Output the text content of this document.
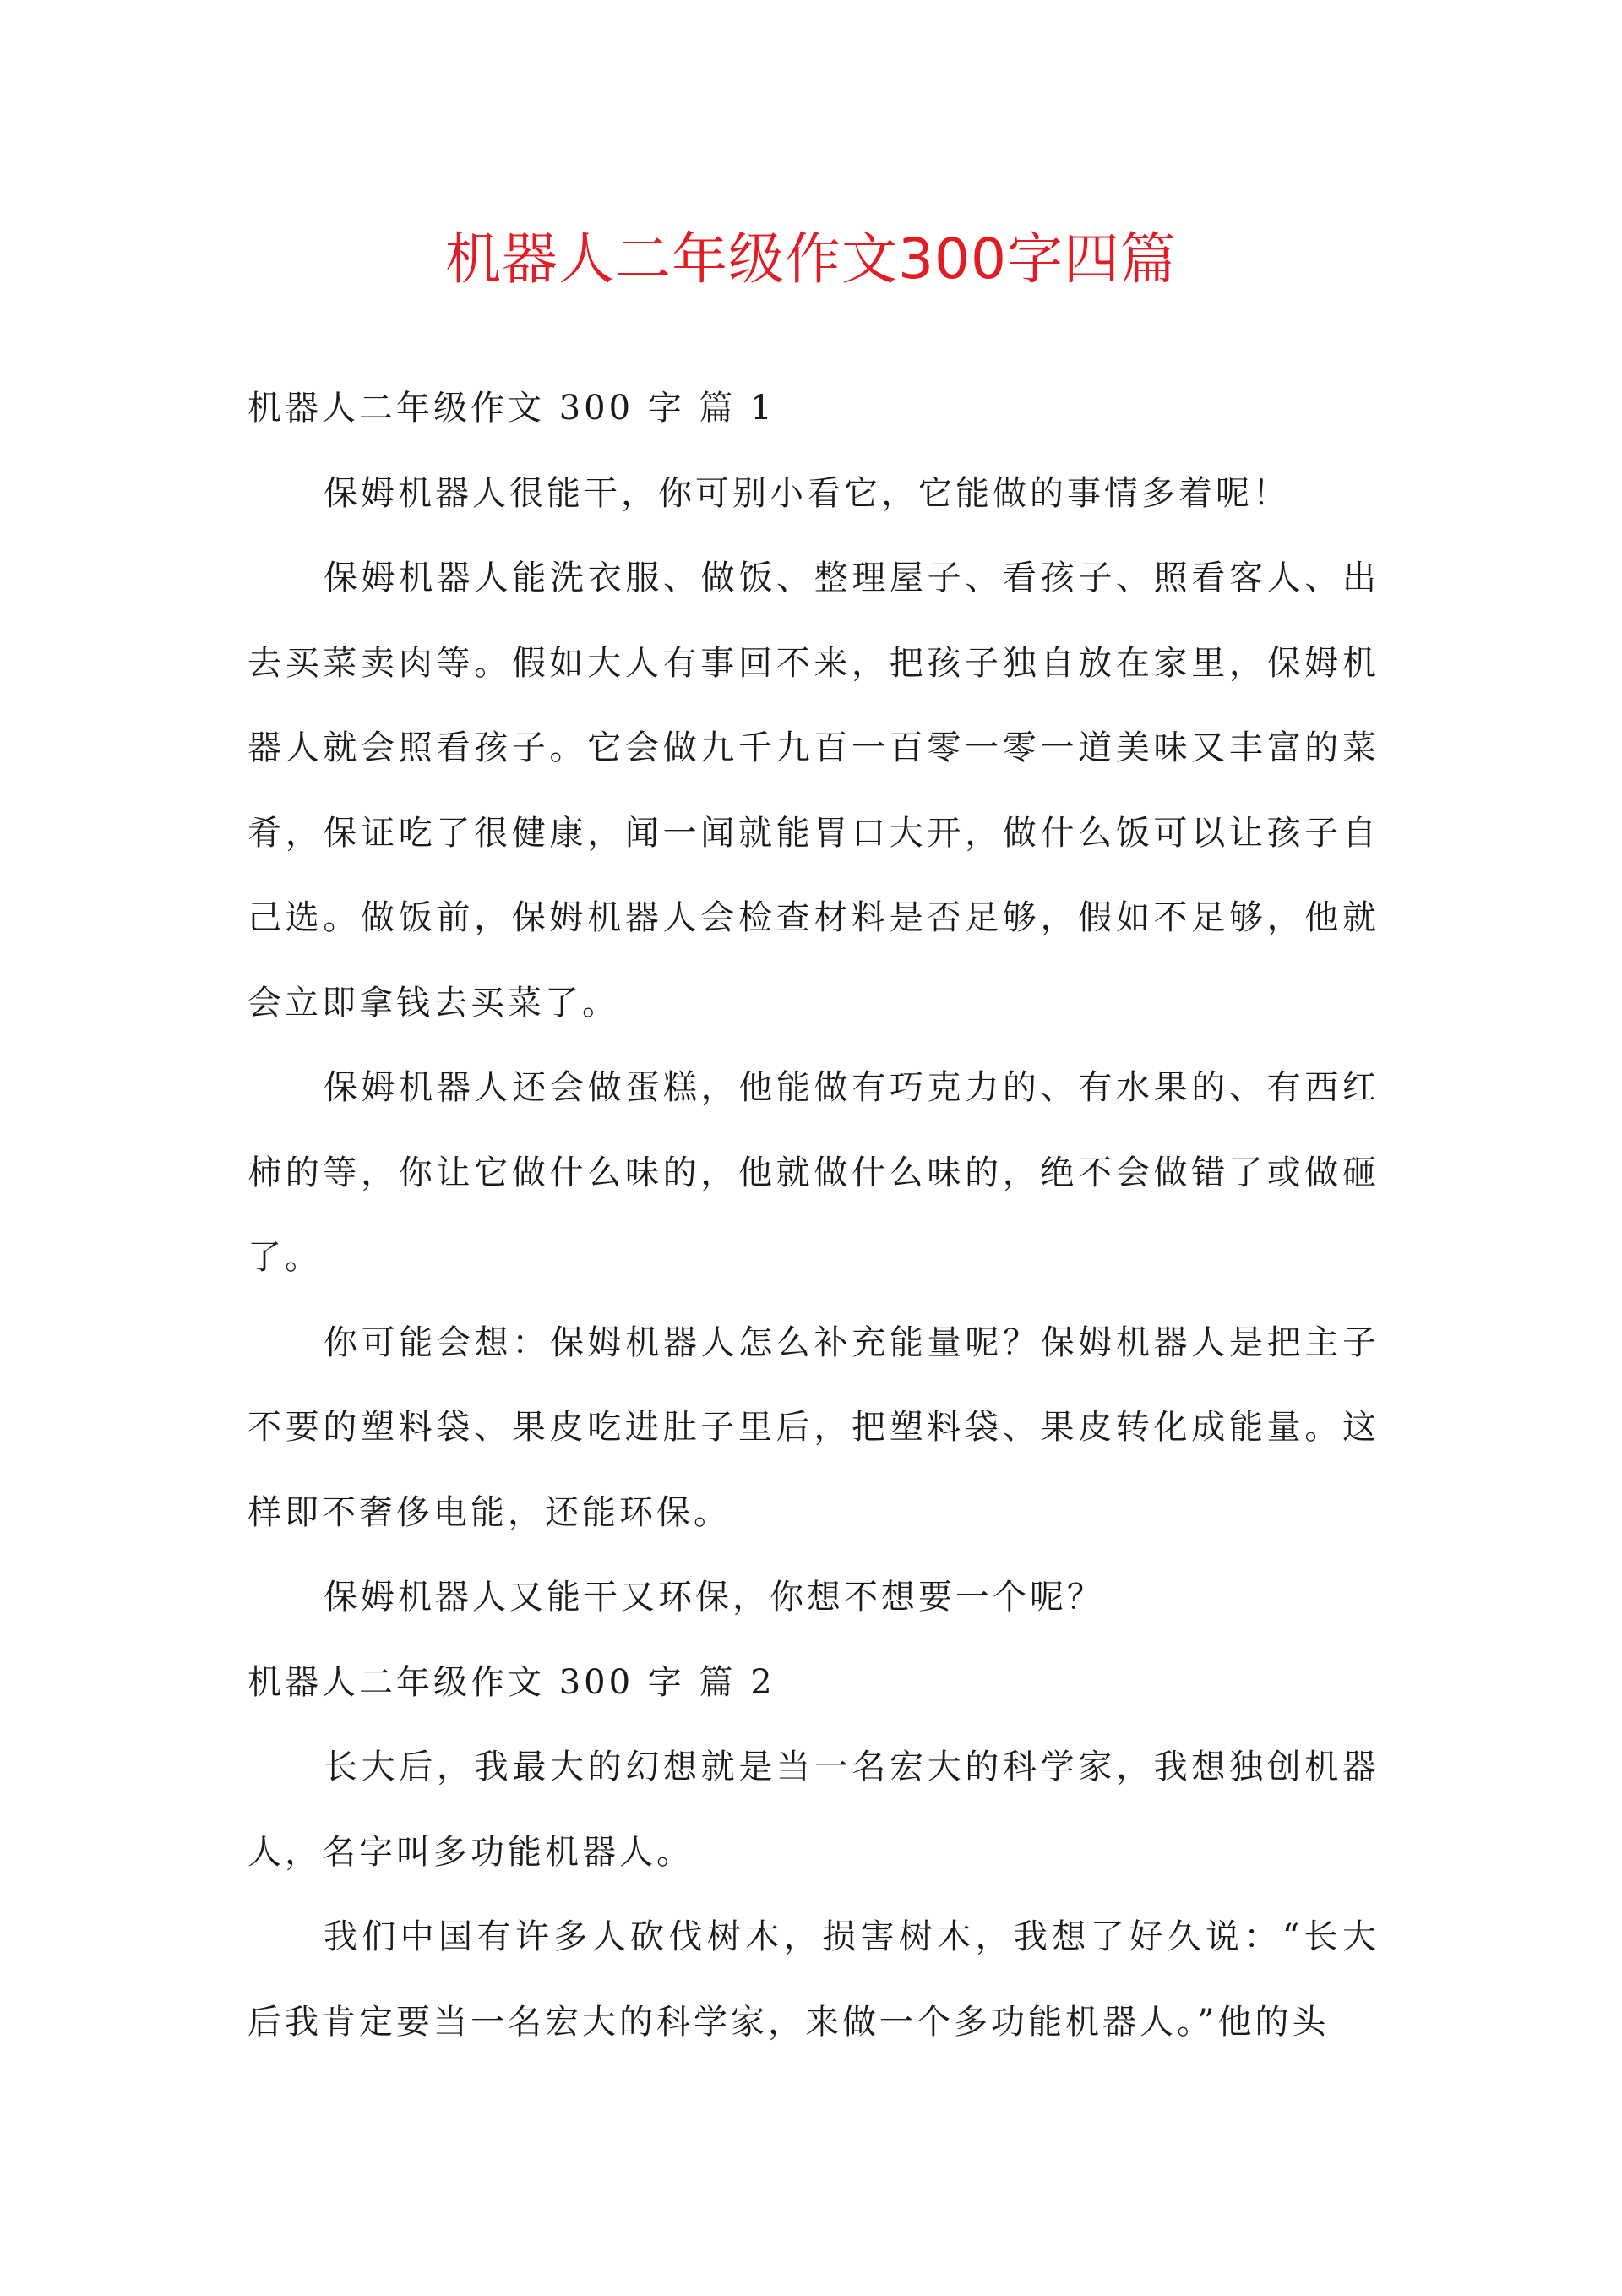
机器人二年级作文300字四篇

机器人二年级作文 300 字 篇 1

保姆机器人很能干，你可别小看它，它能做的事情多着呢！

保姆机器人能洗衣服、做饭、整理屋子、看孩子、照看客人、出去买菜卖肉等。假如大人有事回不来，把孩子独自放在家里，保姆机器人就会照看孩子。它会做九千九百一百零一零一道美味又丰富的菜肴，保证吃了很健康，闻一闻就能胃口大开，做什么饭可以让孩子自己选。做饭前，保姆机器人会检查材料是否足够，假如不足够，他就会立即拿钱去买菜了。

保姆机器人还会做蛋糕，他能做有巧克力的、有水果的、有西红柿的等，你让它做什么味的，他就做什么味的，绝不会做错了或做砸了。

你可能会想：保姆机器人怎么补充能量呢？保姆机器人是把主子不要的塑料袋、果皮吃进肚子里后，把塑料袋、果皮转化成能量。这样即不奢侈电能，还能环保。

保姆机器人又能干又环保，你想不想要一个呢？

机器人二年级作文 300 字 篇 2

长大后，我最大的幻想就是当一名宏大的科学家，我想独创机器人，名字叫多功能机器人。

我们中国有许多人砍伐树木，损害树木，我想了好久说：“长大后我肯定要当一名宏大的科学家，来做一个多功能机器人。”他的头
